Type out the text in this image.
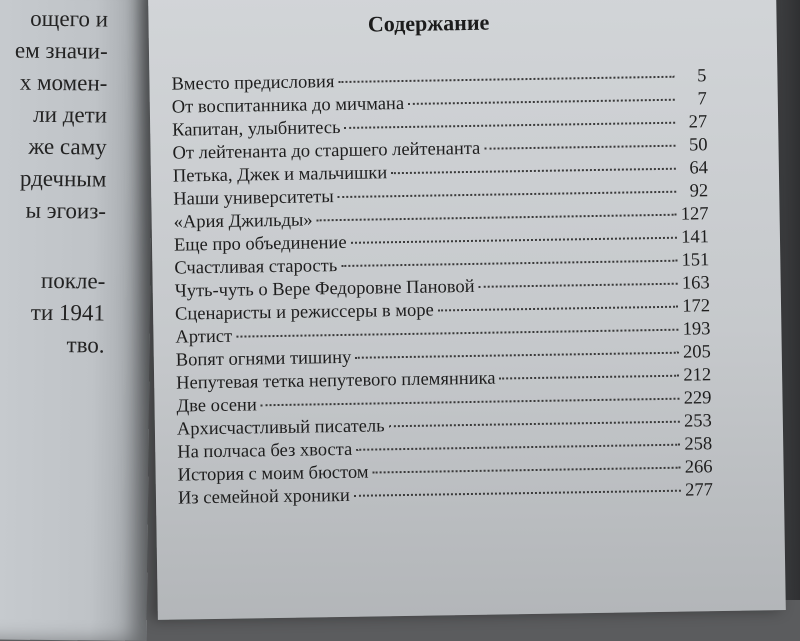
ощего и
ем значи-
х момен-
ли дети
же саму
рдечным
ы эгоиз-
покле-
ти 1941
тво.
Содержание
Вместо предисловия	5
От воспитанника до мичмана	7
Капитан, улыбнитесь	27
От лейтенанта до старшего лейтенанта	50
Петька, Джек и мальчишки	64
Наши университеты	92
«Ария Джильды»	127
Еще про объединение	141
Счастливая старость	151
Чуть-чуть о Вере Федоровне Пановой	163
Сценаристы и режиссеры в море	172
Артист	193
Вопят огнями тишину	205
Непутевая тетка непутевого племянника	212
Две осени	229
Архисчастливый писатель	253
На полчаса без хвоста	258
История с моим бюстом	266
Из семейной хроники	277
